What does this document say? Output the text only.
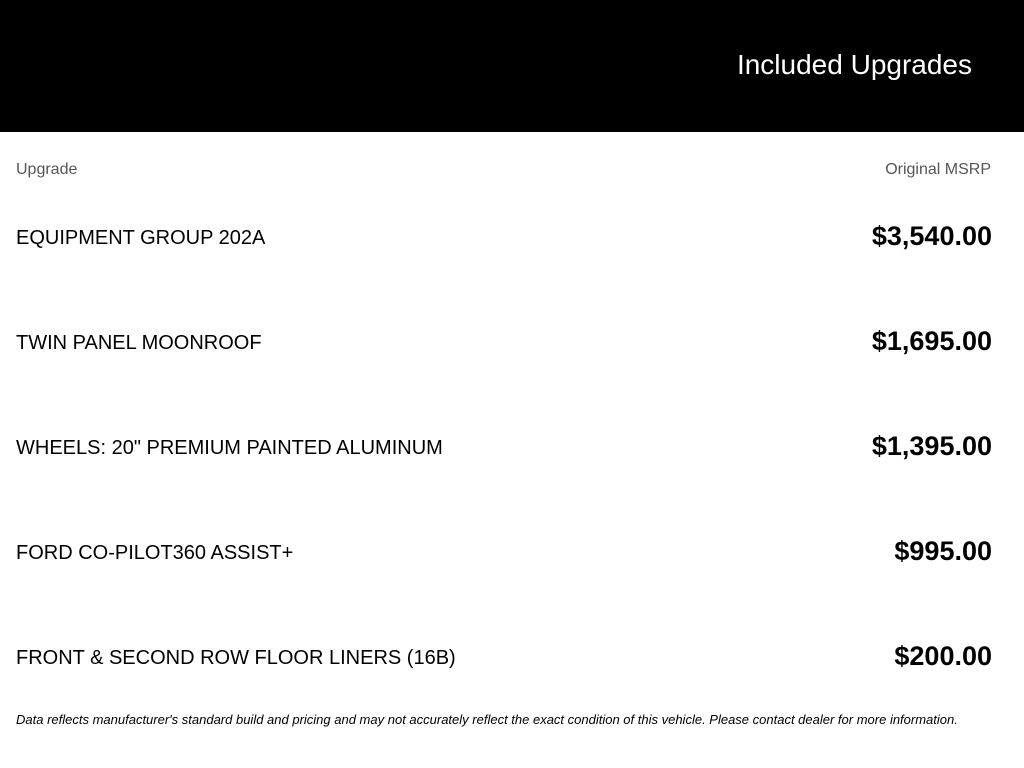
Included Upgrades
Upgrade	Original MSRP
EQUIPMENT GROUP 202A	$3,540.00
TWIN PANEL MOONROOF	$1,695.00
WHEELS: 20" PREMIUM PAINTED ALUMINUM	$1,395.00
FORD CO-PILOT360 ASSIST+	$995.00
FRONT & SECOND ROW FLOOR LINERS (16B)	$200.00
Data reflects manufacturer's standard build and pricing and may not accurately reflect the exact condition of this vehicle. Please contact dealer for more information.
